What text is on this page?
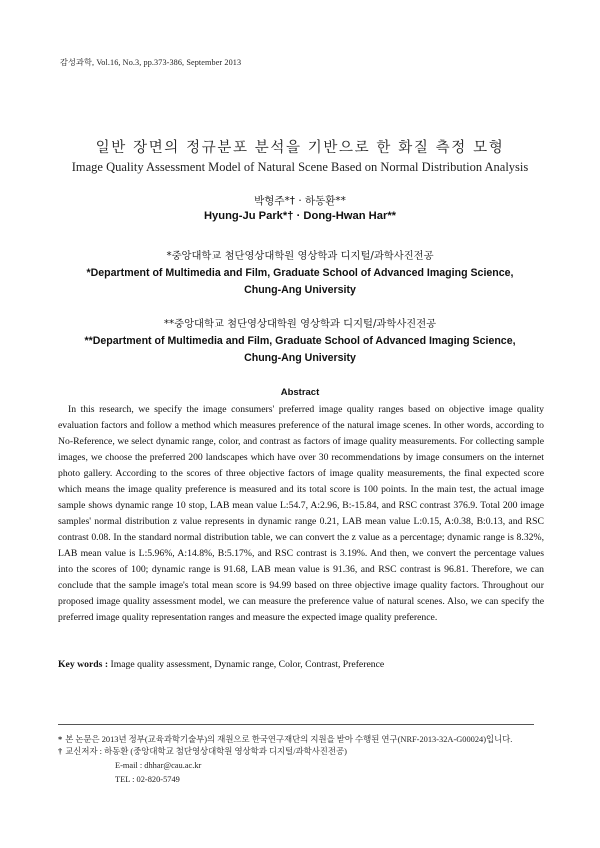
감성과학, Vol.16, No.3, pp.373-386, September 2013
일반 장면의 정규분포 분석을 기반으로 한 화질 측정 모형
Image Quality Assessment Model of Natural Scene Based on Normal Distribution Analysis
박형주*† · 하동환**
Hyung-Ju Park*† · Dong-Hwan Har**
*중앙대학교 첨단영상대학원 영상학과 디지털/과학사진전공
*Department of Multimedia and Film, Graduate School of Advanced Imaging Science,
Chung-Ang University
**중앙대학교 첨단영상대학원 영상학과 디지털/과학사진전공
**Department of Multimedia and Film, Graduate School of Advanced Imaging Science,
Chung-Ang University
Abstract

In this research, we specify the image consumers' preferred image quality ranges based on objective image quality evaluation factors and follow a method which measures preference of the natural image scenes. In other words, according to No-Reference, we select dynamic range, color, and contrast as factors of image quality measurements. For collecting sample images, we choose the preferred 200 landscapes which have over 30 recommendations by image consumers on the internet photo gallery. According to the scores of three objective factors of image quality measurements, the final expected score which means the image quality preference is measured and its total score is 100 points. In the main test, the actual image sample shows dynamic range 10 stop, LAB mean value L:54.7, A:2.96, B:-15.84, and RSC contrast 376.9. Total 200 image samples' normal distribution z value represents in dynamic range 0.21, LAB mean value L:0.15, A:0.38, B:0.13, and RSC contrast 0.08. In the standard normal distribution table, we can convert the z value as a percentage; dynamic range is 8.32%, LAB mean value is L:5.96%, A:14.8%, B:5.17%, and RSC contrast is 3.19%. And then, we convert the percentage values into the scores of 100; dynamic range is 91.68, LAB mean value is 91.36, and RSC contrast is 96.81. Therefore, we can conclude that the sample image's total mean score is 94.99 based on three objective image quality factors. Throughout our proposed image quality assessment model, we can measure the preference value of natural scenes. Also, we can specify the preferred image quality representation ranges and measure the expected image quality preference.

Key words : Image quality assessment, Dynamic range, Color, Contrast, Preference
* 본 논문은 2013년 정부(교육과학기술부)의 재원으로 한국연구재단의 지원을 받아 수행된 연구(NRF-2013-32A-G00024)입니다.
† 교신저자 : 하동환 (중앙대학교 첨단영상대학원 영상학과 디지털/과학사진전공)
E-mail : dhhar@cau.ac.kr
TEL : 02-820-5749
